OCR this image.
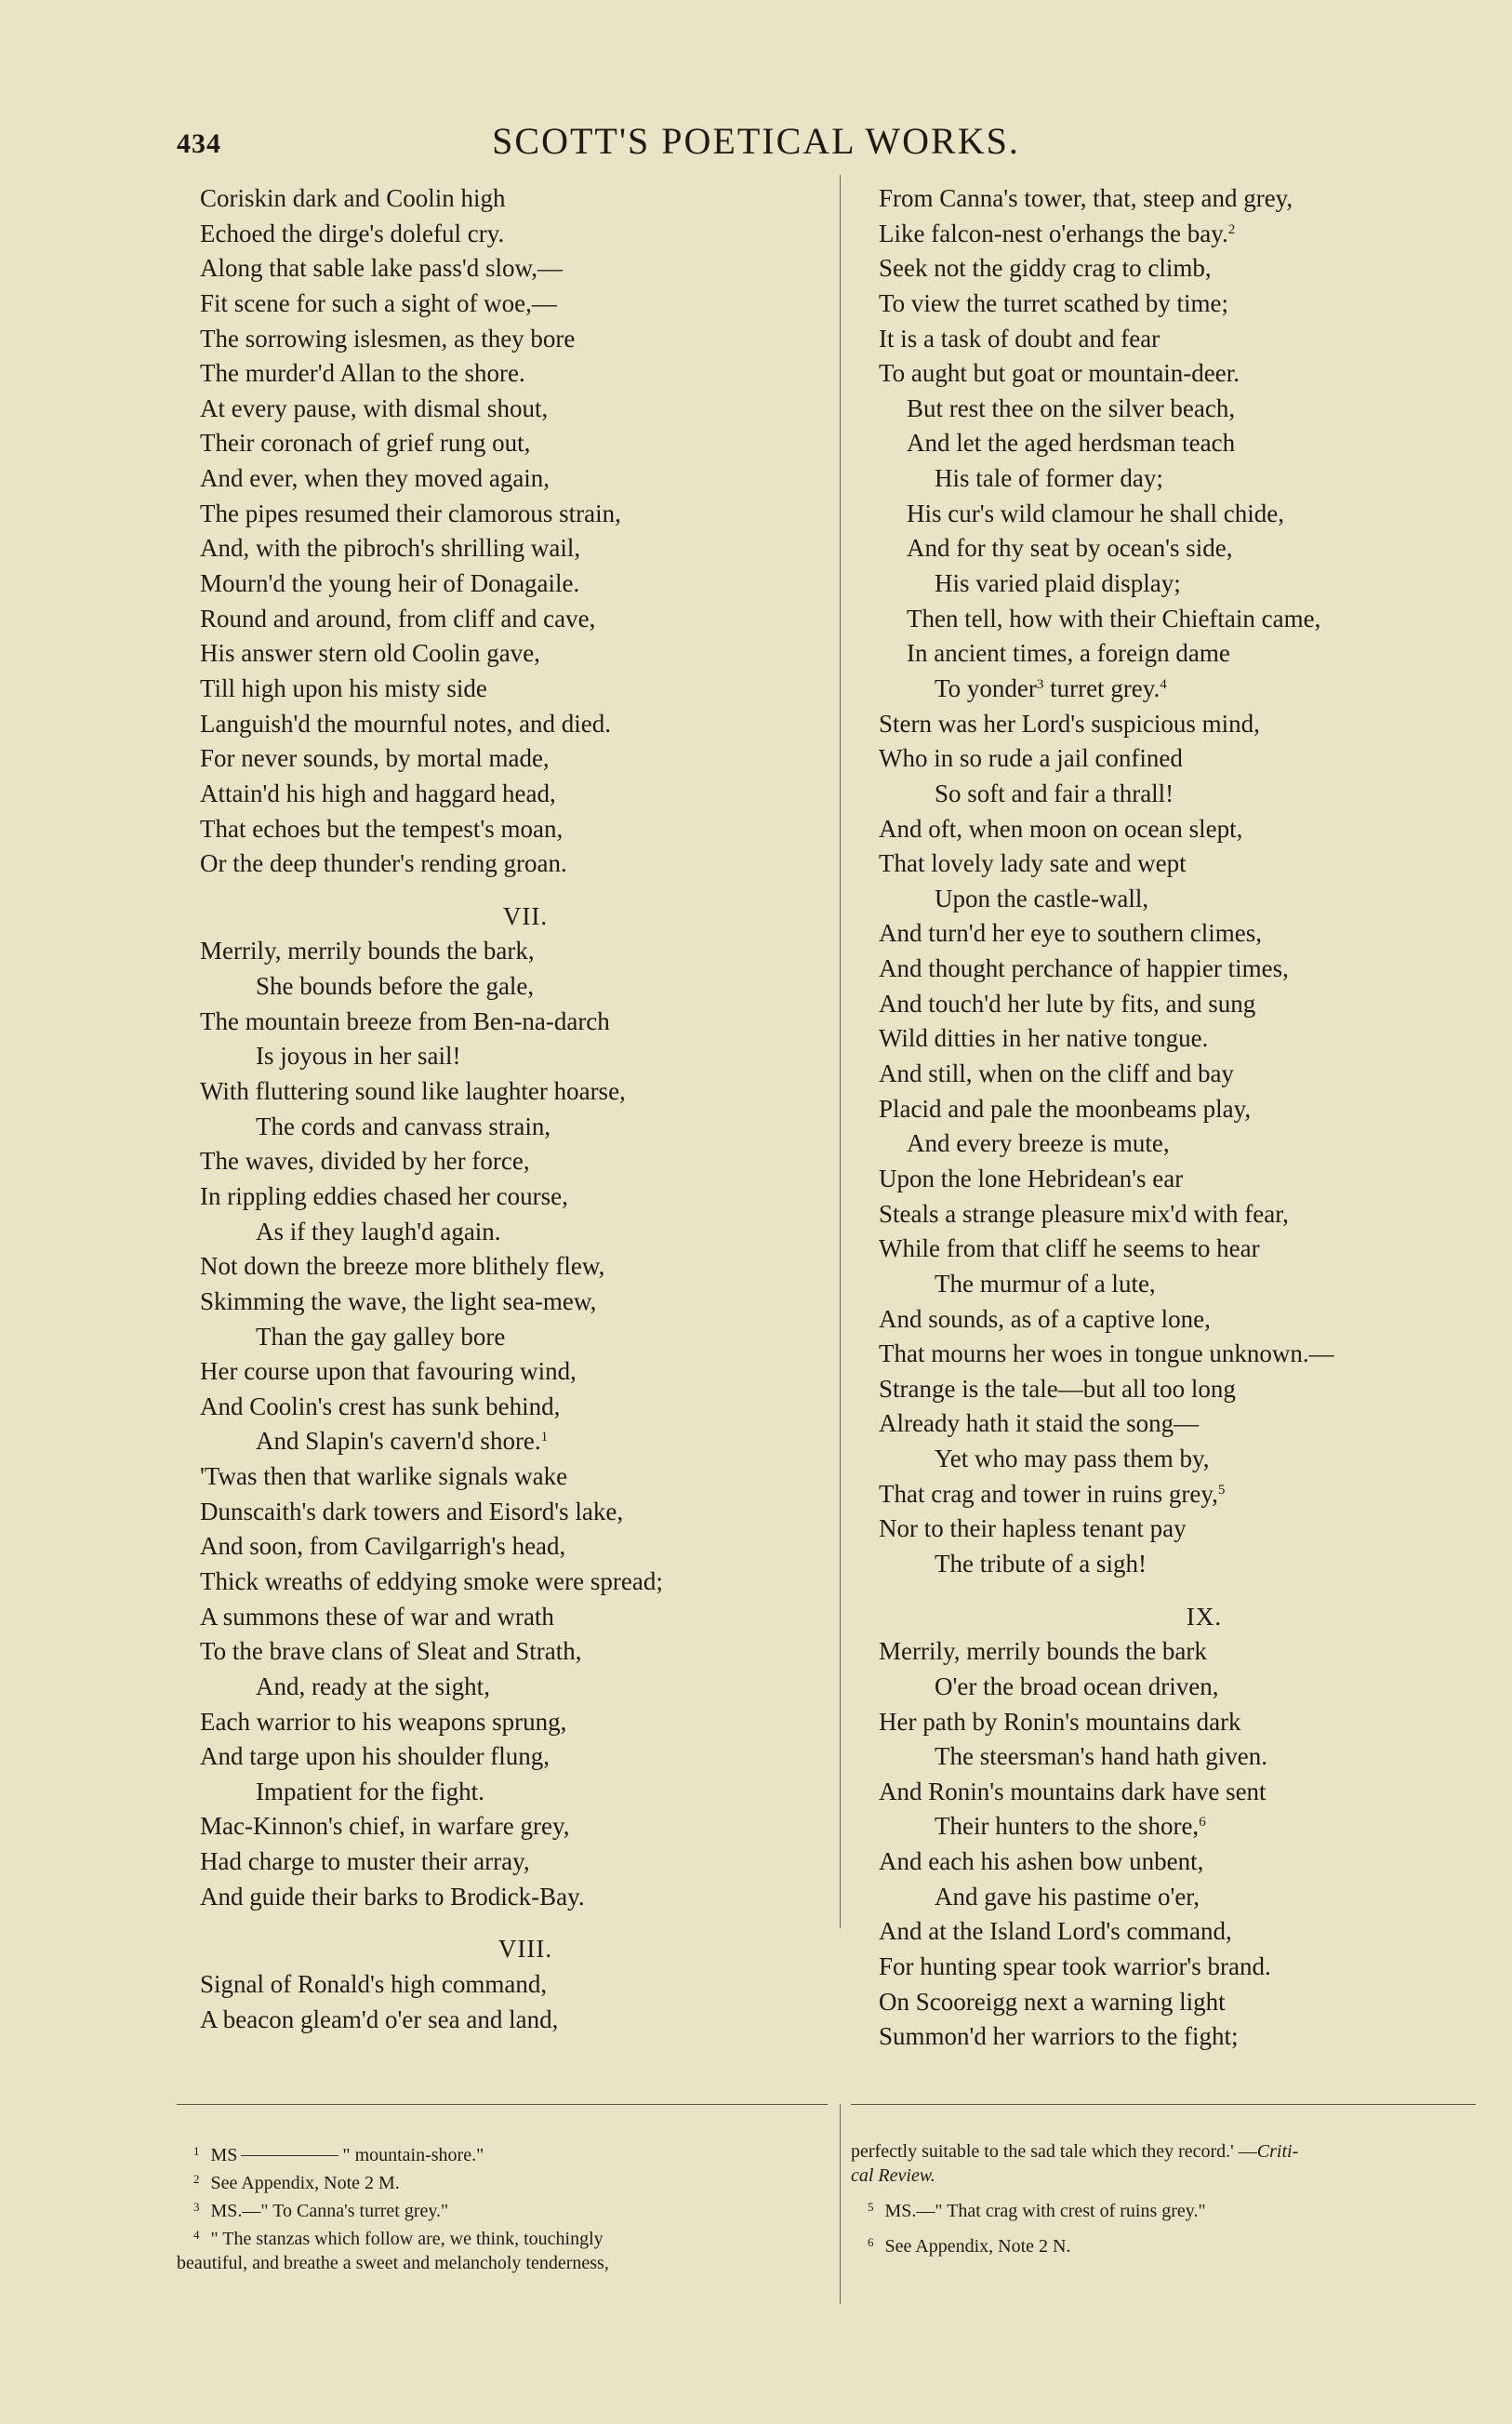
434	SCOTT'S POETICAL WORKS.
Coriskin dark and Coolin high
Echoed the dirge's doleful cry.
Along that sable lake pass'd slow,—
Fit scene for such a sight of woe,—
The sorrowing islesmen, as they bore
The murder'd Allan to the shore.
At every pause, with dismal shout,
Their coronach of grief rung out,
And ever, when they moved again,
The pipes resumed their clamorous strain,
And, with the pibroch's shrilling wail,
Mourn'd the young heir of Donagaile.
Round and around, from cliff and cave,
His answer stern old Coolin gave,
Till high upon his misty side
Languish'd the mournful notes, and died.
For never sounds, by mortal made,
Attain'd his high and haggard head,
That echoes but the tempest's moan,
Or the deep thunder's rending groan.
VII.
Merrily, merrily bounds the bark,
She bounds before the gale,
The mountain breeze from Ben-na-darch
Is joyous in her sail!
With fluttering sound like laughter hoarse,
The cords and canvass strain,
The waves, divided by her force,
In rippling eddies chased her course,
As if they laugh'd again.
Not down the breeze more blithely flew,
Skimming the wave, the light sea-mew,
Than the gay galley bore
Her course upon that favouring wind,
And Coolin's crest has sunk behind,
And Slapin's cavern'd shore.$^1$
'Twas then that warlike signals wake
Dunscaith's dark towers and Eisord's lake,
And soon, from Cavilgarrigh's head,
Thick wreaths of eddying smoke were spread;
A summons these of war and wrath
To the brave clans of Sleat and Strath,
And, ready at the sight,
Each warrior to his weapons sprung,
And targe upon his shoulder flung,
Impatient for the fight.
Mac-Kinnon's chief, in warfare grey,
Had charge to muster their array,
And guide their barks to Brodick-Bay.
VIII.
Signal of Ronald's high command,
A beacon gleam'd o'er sea and land,
From Canna's tower, that, steep and grey,
Like falcon-nest o'erhangs the bay.$^2$
Seek not the giddy crag to climb,
To view the turret scathed by time;
It is a task of doubt and fear
To aught but goat or mountain-deer.
But rest thee on the silver beach,
And let the aged herdsman teach
His tale of former day;
His cur's wild clamour he shall chide,
And for thy seat by ocean's side,
His varied plaid display;
Then tell, how with their Chieftain came,
In ancient times, a foreign dame
To yonder$^3$ turret grey.$^4$
Stern was her Lord's suspicious mind,
Who in so rude a jail confined
So soft and fair a thrall!
And oft, when moon on ocean slept,
That lovely lady sate and wept
Upon the castle-wall,
And turn'd her eye to southern climes,
And thought perchance of happier times,
And touch'd her lute by fits, and sung
Wild ditties in her native tongue.
And still, when on the cliff and bay
Placid and pale the moonbeams play,
And every breeze is mute,
Upon the lone Hebridean's ear
Steals a strange pleasure mix'd with fear,
While from that cliff he seems to hear
The murmur of a lute,
And sounds, as of a captive lone,
That mourns her woes in tongue unknown.—
Strange is the tale—but all too long
Already hath it staid the song—
Yet who may pass them by,
That crag and tower in ruins grey,$^5$
Nor to their hapless tenant pay
The tribute of a sigh!
IX.
Merrily, merrily bounds the bark
O'er the broad ocean driven,
Her path by Ronin's mountains dark
The steersman's hand hath given.
And Ronin's mountains dark have sent
Their hunters to the shore,$^6$
And each his ashen bow unbent,
And gave his pastime o'er,
And at the Island Lord's command,
For hunting spear took warrior's brand.
On Scooreigg next a warning light
Summon'd her warriors to the fight;
$^1$ MS	" mountain-shore."
$^2$ See Appendix, Note 2 M.
$^3$ MS.—" To Canna's turret grey."
$^4$ " The stanzas which follow are, we think, touchingly
beautiful, and breathe a sweet and melancholy tenderness,
perfectly suitable to the sad tale which they record.' —Criti-
cal Review.
$^5$ MS.—" That crag with crest of ruins grey."
$^6$ See Appendix, Note 2 N.
